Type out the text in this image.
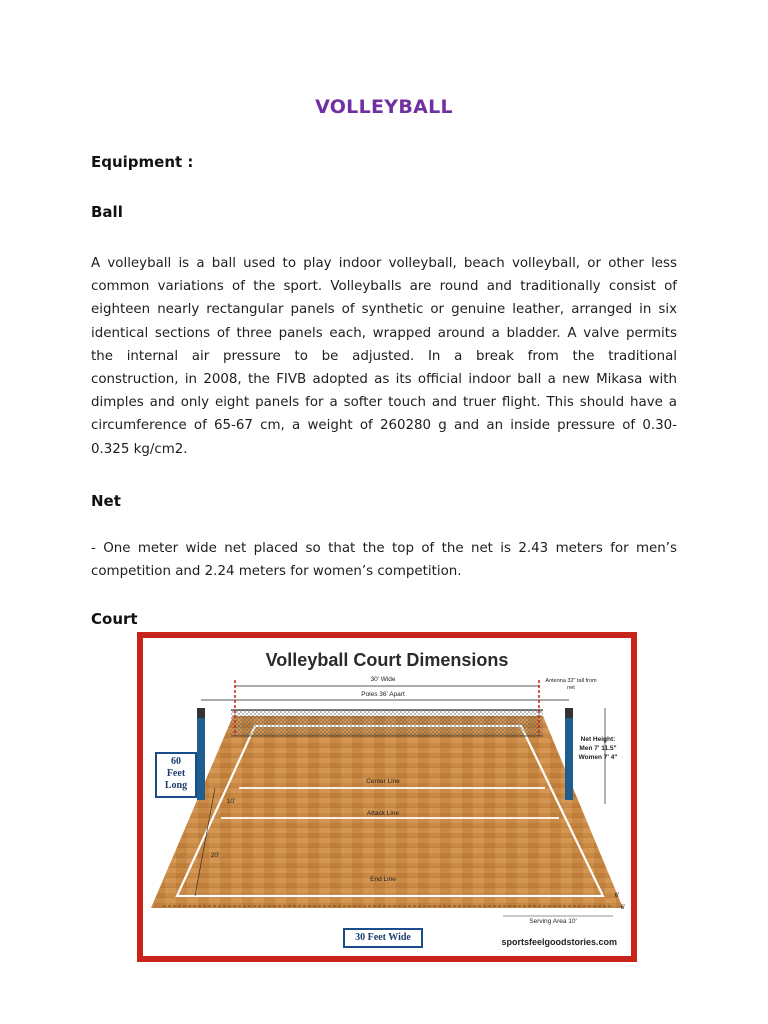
VOLLEYBALL
Equipment :
Ball
A volleyball is a ball used to play indoor volleyball, beach volleyball, or other less
common variations of the sport. Volleyballs are round and traditionally consist of
eighteen nearly rectangular panels of synthetic or genuine leather, arranged in six
identical sections of three panels each, wrapped around a bladder. A valve permits
the internal air pressure to be adjusted. In a break from the traditional
construction, in 2008, the FIVB adopted as its official indoor ball a new Mikasa with
dimples and only eight panels for a softer touch and truer flight. This should have a
circumference of 65-67 cm, a weight of 260280 g and an inside pressure of 0.30-
0.325 kg/cm2.
Net
- One meter wide net placed so that the top of the net is 2.43 meters for men’s
competition and 2.24 meters for women’s competition.
Court
Volleyball Court Dimensions
30' Wide
Poles 36' Apart
Antenna 32" tall from net
Net Height:
Men 7' 11.5"
Women 7' 4"
60
Feet
Long	Center Line
Attack Line
End Line
10'
20'
Serving Area 10'
6'
6'
30 Feet Wide	sportsfeelgoodstories.com
